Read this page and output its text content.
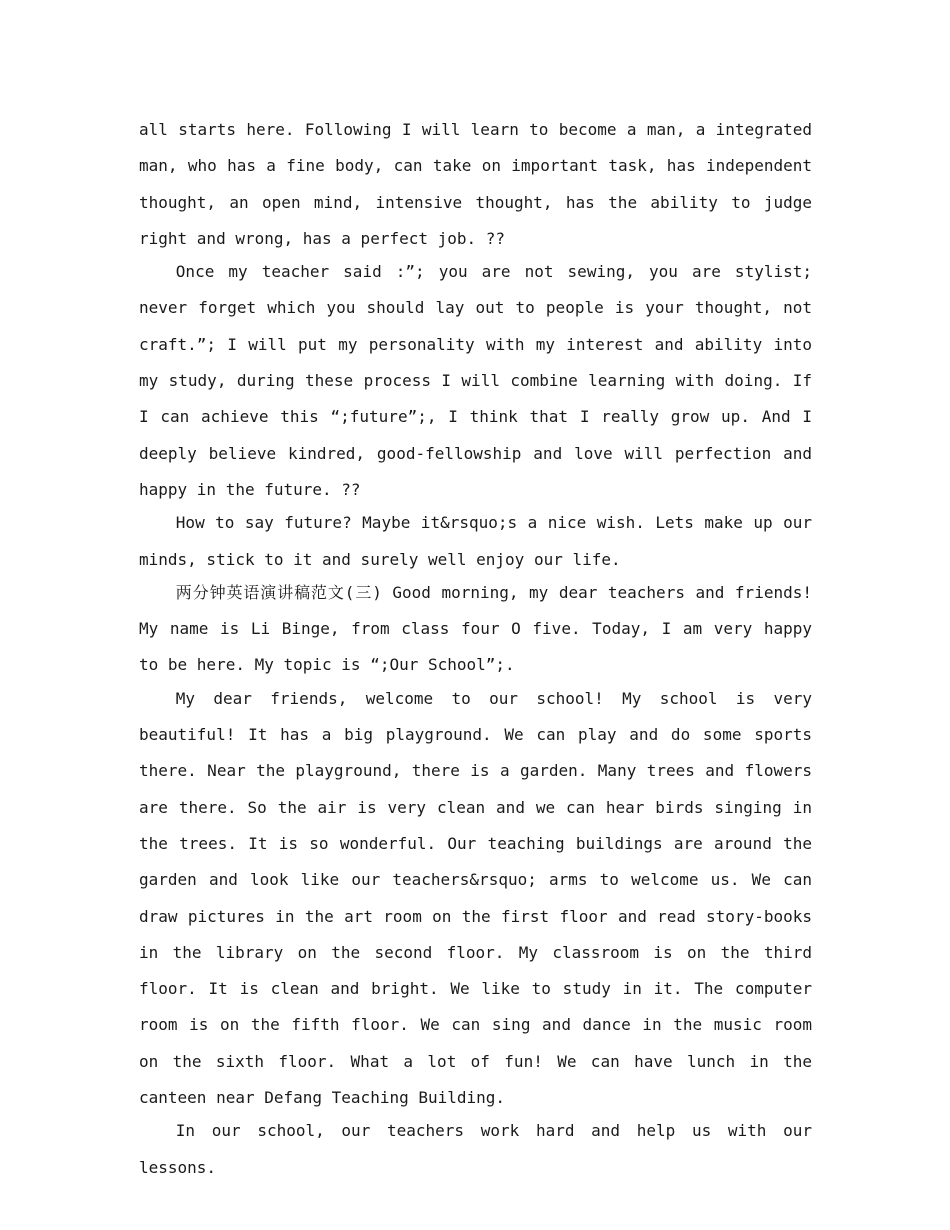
all starts here. Following I will learn to become a man, a integrated man, who has a fine body, can take on important task, has independent thought, an open mind, intensive thought, has the ability to judge right and wrong, has a perfect job. ??

Once my teacher said :”; you are not sewing, you are stylist; never forget which you should lay out to people is your thought, not craft.”; I will put my personality with my interest and ability into my study, during these process I will combine learning with doing. If I can achieve this “;future”;, I think that I really grow up. And I deeply believe kindred, good-fellowship and love will perfection and happy in the future. ??

How to say future? Maybe it&rsquo;s a nice wish. Lets make up our minds, stick to it and surely well enjoy our life.

两分钟英语演讲稿范文(三) Good morning, my dear teachers and friends! My name is Li Binge, from class four O five. Today, I am very happy to be here. My topic is “;Our School”;.

My dear friends, welcome to our school! My school is very beautiful! It has a big playground. We can play and do some sports there. Near the playground, there is a garden. Many trees and flowers are there. So the air is very clean and we can hear birds singing in the trees. It is so wonderful. Our teaching buildings are around the garden and look like our teachers&rsquo; arms to welcome us. We can draw pictures in the art room on the first floor and read story-books in the library on the second floor. My classroom is on the third floor. It is clean and bright. We like to study in it. The computer room is on the fifth floor. We can sing and dance in the music room on the sixth floor. What a lot of fun! We can have lunch in the canteen near Defang Teaching Building.

In our school, our teachers work hard and help us with our lessons.
